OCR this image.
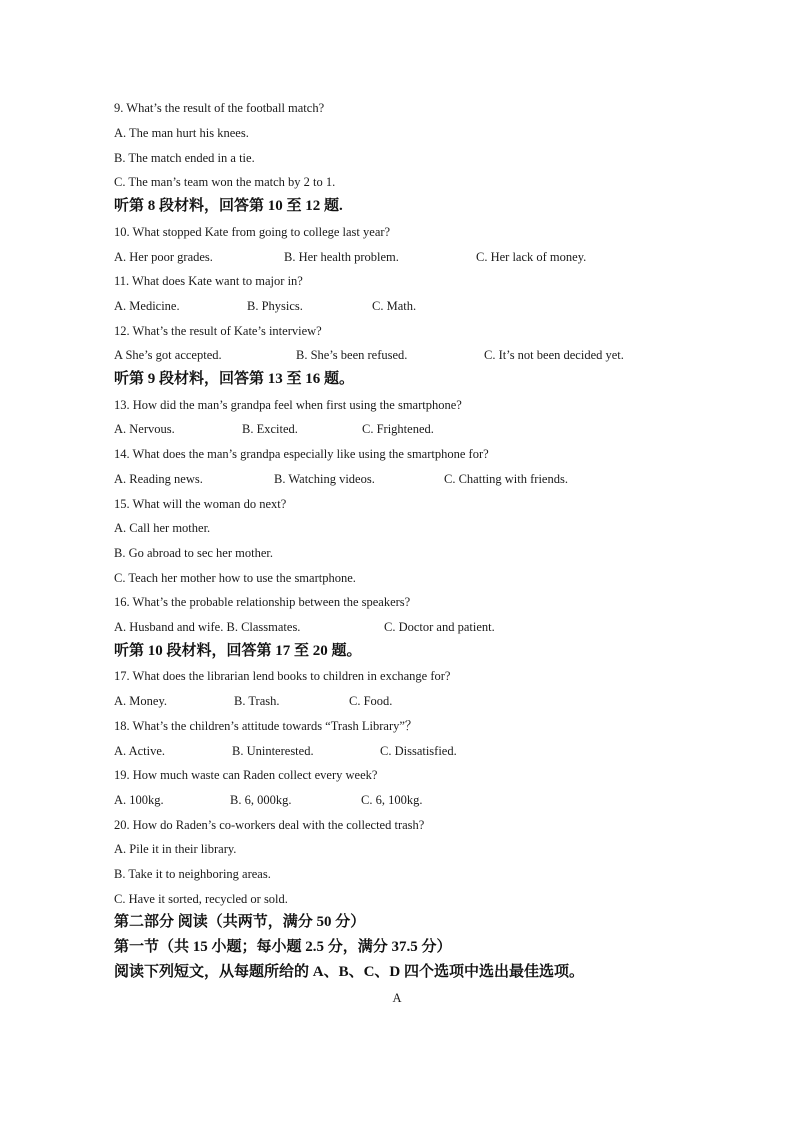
9. What’s the result of the football match?
A. The man hurt his knees.
B. The match ended in a tie.
C. The man’s team won the match by 2 to 1.
听第 8 段材料，回答第 10 至 12 题.
10. What stopped Kate from going to college last year?
A. Her poor grades.	B. Her health problem.	C. Her lack of money.
11. What does Kate want to major in?
A. Medicine.	B. Physics.	C. Math.
12. What’s the result of Kate’s interview?
A She’s got accepted.	B. She’s been refused.	C. It’s not been decided yet.
听第 9 段材料，回答第 13 至 16 题。
13. How did the man’s grandpa feel when first using the smartphone?
A. Nervous.	B. Excited.	C. Frightened.
14. What does the man’s grandpa especially like using the smartphone for?
A. Reading news.	B. Watching videos.	C. Chatting with friends.
15. What will the woman do next?
A. Call her mother.
B. Go abroad to sec her mother.
C. Teach her mother how to use the smartphone.
16. What’s the probable relationship between the speakers?
A. Husband and wife. B. Classmates.	C. Doctor and patient.
听第 10 段材料，回答第 17 至 20 题。
17. What does the librarian lend books to children in exchange for?
A. Money.	B. Trash.	C. Food.
18. What’s the children’s attitude towards “Trash Library”？
A. Active.	B. Uninterested.	C. Dissatisfied.
19. How much waste can Raden collect every week?
A. 100kg.	B. 6, 000kg.	C. 6, 100kg.
20. How do Raden’s co-workers deal with the collected trash?
A. Pile it in their library.
B. Take it to neighboring areas.
C. Have it sorted, recycled or sold.
第二部分 阅读（共两节，满分 50 分）
第一节（共 15 小题；每小题 2.5 分，满分 37.5 分）
阅读下列短文，从每题所给的 A、B、C、D 四个选项中选出最佳选项。
A
